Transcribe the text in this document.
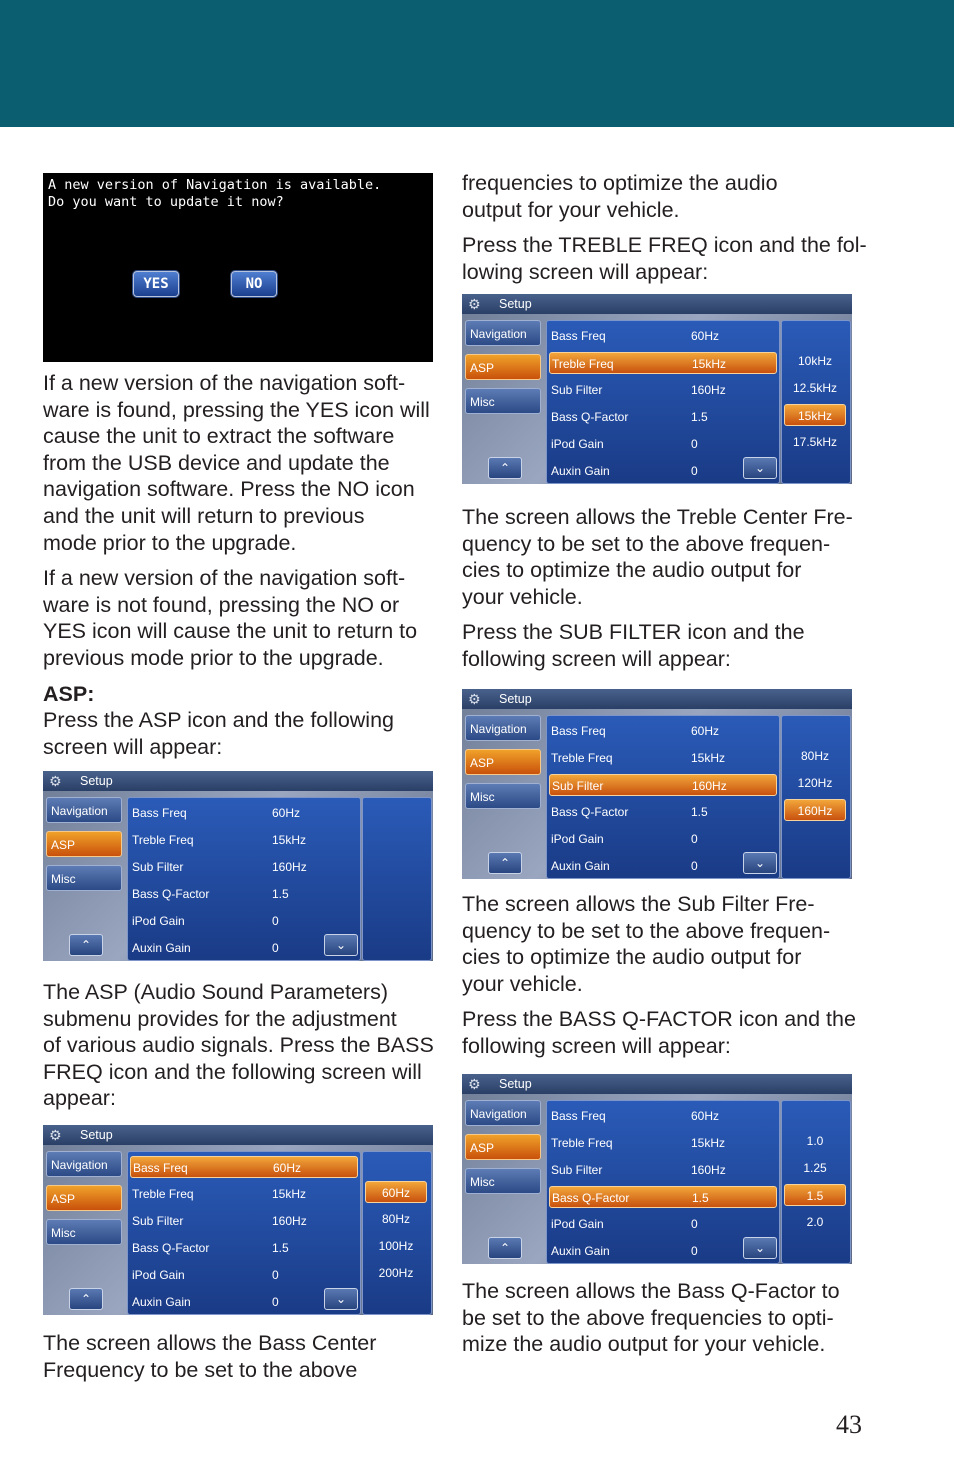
A new version of Navigation is available.
Do you want to update it now?
YES	NO

If a new version of the navigation soft-
ware is found, pressing the YES icon will
cause the unit to extract the software
from the USB device and update the
navigation software. Press the NO icon
and the unit will return to previous
mode prior to the upgrade.

If a new version of the navigation soft-
ware is not found, pressing the NO or
YES icon will cause the unit to return to
previous mode prior to the upgrade.

ASP:

Press the ASP icon and the following
screen will appear:

⚙ Setup
Navigation
ASP
Misc
⌃
Bass Freq	60Hz
Treble Freq	15kHz
Sub Filter	160Hz
Bass Q-Factor	1.5
iPod Gain	0
Auxin Gain	0	⌄

The ASP (Audio Sound Parameters)
submenu provides for the adjustment
of various audio signals. Press the BASS
FREQ icon and the following screen will
appear:

⚙ Setup
Navigation
ASP
Misc
⌃
Bass Freq	60Hz
Treble Freq	15kHz
Sub Filter	160Hz
Bass Q-Factor	1.5
iPod Gain	0
Auxin Gain	0	⌄
60Hz
80Hz
100Hz
200Hz

The screen allows the Bass Center
Frequency to be set to the above

frequencies to optimize the audio
output for your vehicle.

Press the TREBLE FREQ icon and the fol-
lowing screen will appear:

⚙ Setup
Navigation
ASP
Misc
⌃
Bass Freq	60Hz
Treble Freq	15kHz
Sub Filter	160Hz
Bass Q-Factor	1.5
iPod Gain	0
Auxin Gain	0	⌄
10kHz
12.5kHz
15kHz
17.5kHz

The screen allows the Treble Center Fre-
quency to be set to the above frequen-
cies to optimize the audio output for
your vehicle.

Press the SUB FILTER icon and the
following screen will appear:

⚙ Setup
Navigation
ASP
Misc
⌃
Bass Freq	60Hz
Treble Freq	15kHz
Sub Filter	160Hz
Bass Q-Factor	1.5
iPod Gain	0
Auxin Gain	0	⌄
80Hz
120Hz
160Hz

The screen allows the Sub Filter Fre-
quency to be set to the above frequen-
cies to optimize the audio output for
your vehicle.

Press the BASS Q-FACTOR icon and the
following screen will appear:

⚙ Setup
Navigation
ASP
Misc
⌃
Bass Freq	60Hz
Treble Freq	15kHz
Sub Filter	160Hz
Bass Q-Factor	1.5
iPod Gain	0
Auxin Gain	0	⌄
1.0
1.25
1.5
2.0

The screen allows the Bass Q-Factor to
be set to the above frequencies to opti-
mize the audio output for your vehicle.

43
